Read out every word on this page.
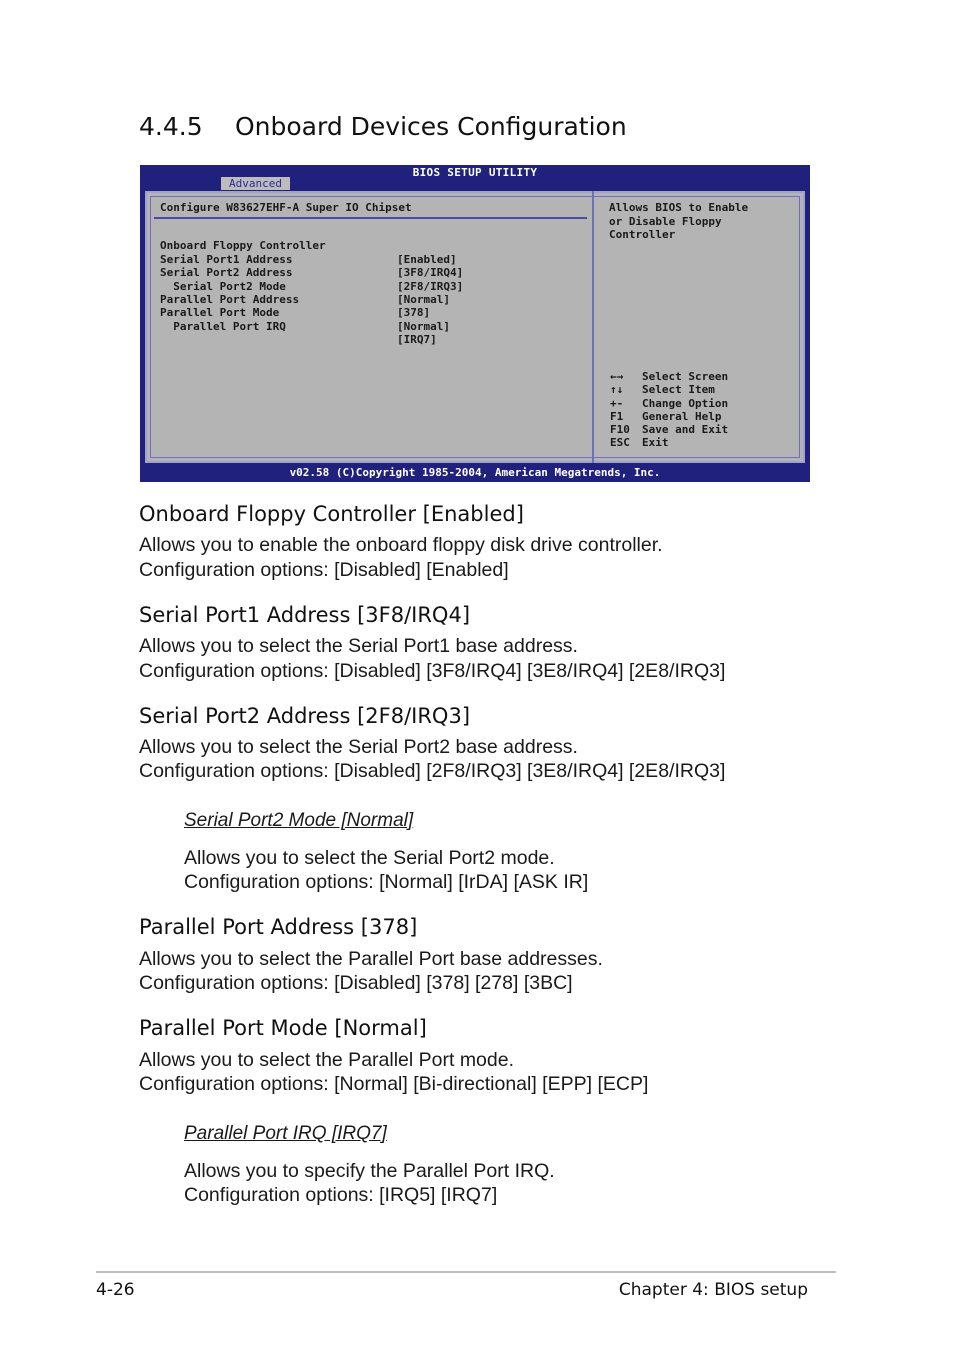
4.4.5 Onboard Devices Configuration
BIOS SETUP UTILITY
Advanced
Configure W83627EHF-A Super IO Chipset

Onboard Floppy Controller

[Enabled]

Serial Port1 Address

[3F8/IRQ4]

Serial Port2 Address

[2F8/IRQ3]

Serial Port2 Mode

[Normal]

Parallel Port Address

[378]

Parallel Port Mode

[Normal]

Parallel Port IRQ

[IRQ7]

Allows BIOS to Enable
or Disable Floppy
Controller
←→ Select Screen
↑↓ Select Item
+- Change Option
F1 General Help
F10 Save and Exit
ESC Exit
v02.58 (C)Copyright 1985-2004, American Megatrends, Inc.
Onboard Floppy Controller [Enabled]
Allows you to enable the onboard floppy disk drive controller.
Configuration options: [Disabled] [Enabled]
Serial Port1 Address [3F8/IRQ4]
Allows you to select the Serial Port1 base address.
Configuration options: [Disabled] [3F8/IRQ4] [3E8/IRQ4] [2E8/IRQ3]
Serial Port2 Address [2F8/IRQ3]
Allows you to select the Serial Port2 base address.
Configuration options: [Disabled] [2F8/IRQ3] [3E8/IRQ4] [2E8/IRQ3]
Serial Port2 Mode [Normal]
Allows you to select the Serial Port2 mode.
Configuration options: [Normal] [IrDA] [ASK IR]
Parallel Port Address [378]
Allows you to select the Parallel Port base addresses.
Configuration options: [Disabled] [378] [278] [3BC]
Parallel Port Mode [Normal]
Allows you to select the Parallel Port mode.
Configuration options: [Normal] [Bi-directional] [EPP] [ECP]
Parallel Port IRQ [IRQ7]
Allows you to specify the Parallel Port IRQ.
Configuration options: [IRQ5] [IRQ7]
4-26	Chapter 4: BIOS setup
